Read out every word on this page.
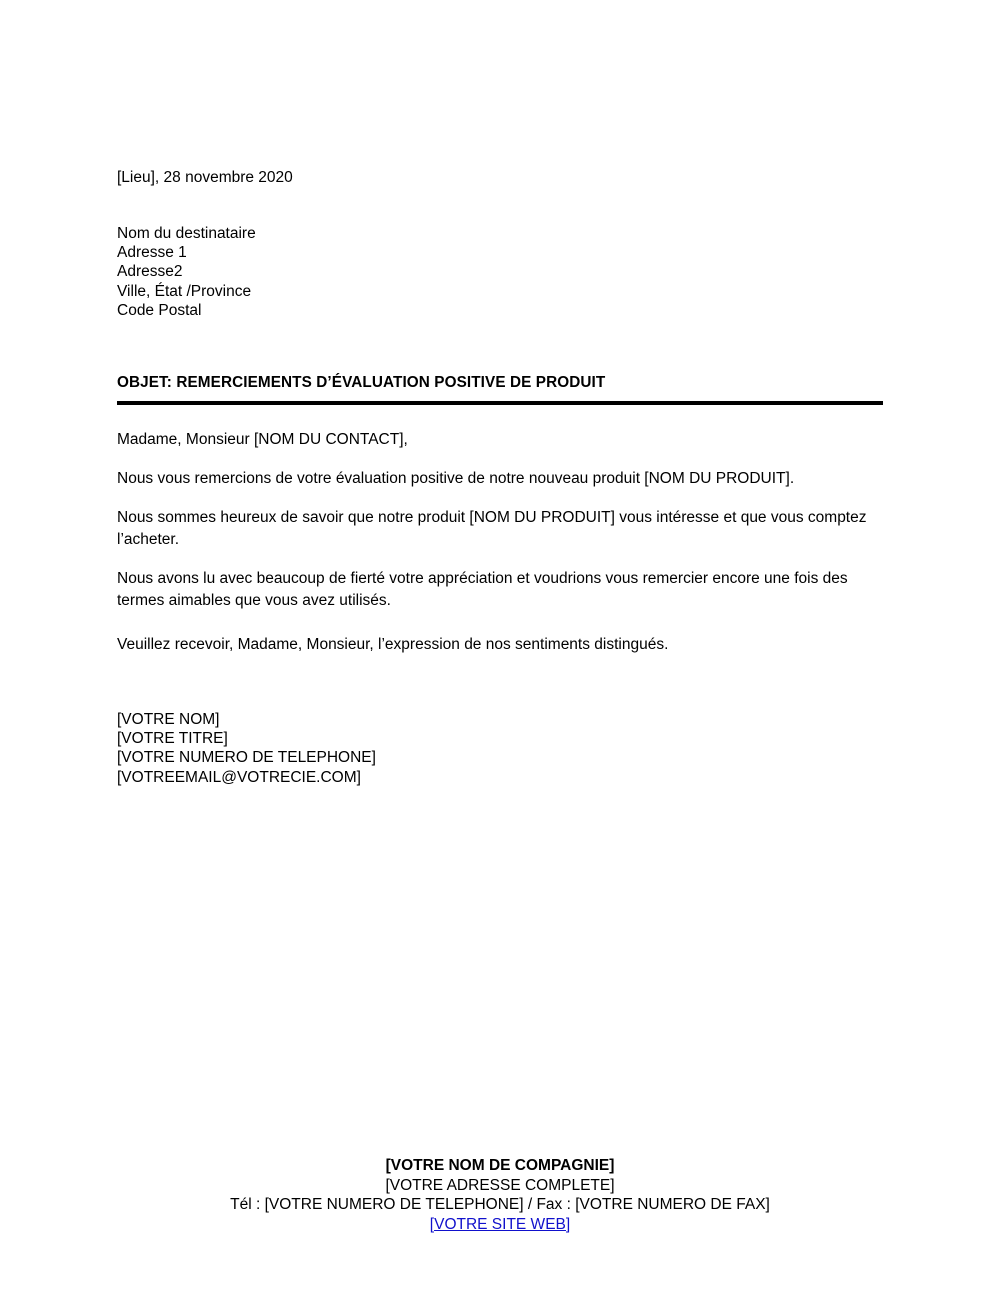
[Lieu], 28 novembre 2020
Nom du destinataire
Adresse 1
Adresse2
Ville, État /Province
Code Postal
OBJET: REMERCIEMENTS D’ÉVALUATION POSITIVE DE PRODUIT

Madame, Monsieur [NOM DU CONTACT],

Nous vous remercions de votre évaluation positive de notre nouveau produit [NOM DU PRODUIT].

Nous sommes heureux de savoir que notre produit [NOM DU PRODUIT] vous intéresse et que vous comptez l’acheter.

Nous avons lu avec beaucoup de fierté votre appréciation et voudrions vous remercier encore une fois des termes aimables que vous avez utilisés.

Veuillez recevoir, Madame, Monsieur, l’expression de nos sentiments distingués.

[VOTRE NOM]
[VOTRE TITRE]
[VOTRE NUMERO DE TELEPHONE]
[VOTREEMAIL@VOTRECIE.COM]
[VOTRE NOM DE COMPAGNIE]
[VOTRE ADRESSE COMPLETE]
Tél : [VOTRE NUMERO DE TELEPHONE] / Fax : [VOTRE NUMERO DE FAX]
[VOTRE SITE WEB]
